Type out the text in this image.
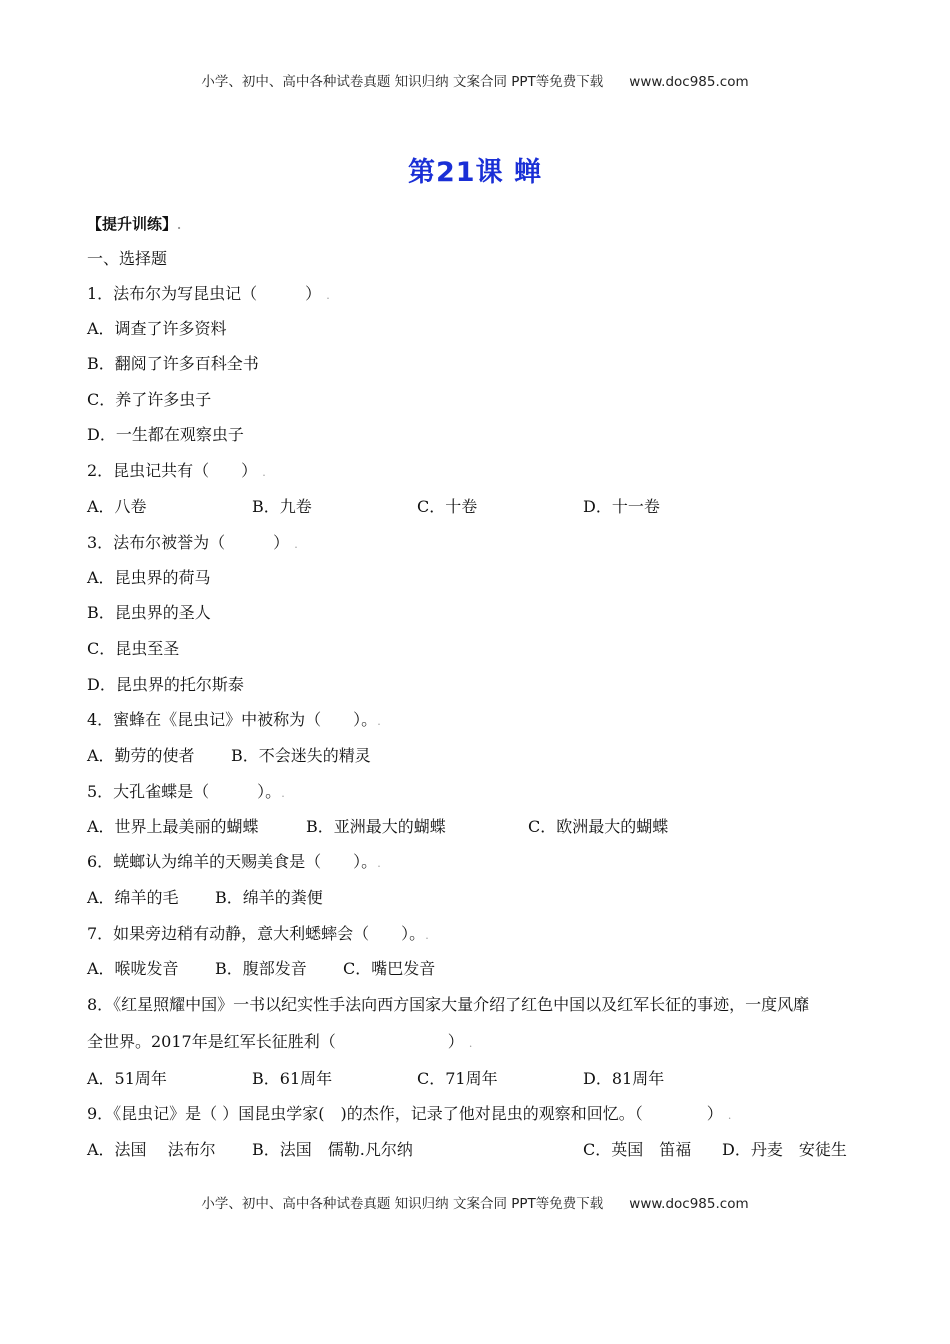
小学、初中、高中各种试卷真题 知识归纳 文案合同 PPT等免费下载 www.doc985.com
第21课 蝉
【提升训练】.
一、选择题
1．法布尔为写昆虫记（　　　） .
A．调查了许多资料
B．翻阅了许多百科全书
C．养了许多虫子
D．一生都在观察虫子
2．昆虫记共有（　　） .
A．八卷	B．九卷	C．十卷	D．十一卷
3．法布尔被誉为（　　　） .
A．昆虫界的荷马
B．昆虫界的圣人
C．昆虫至圣
D．昆虫界的托尔斯泰
4．蜜蜂在《昆虫记》中被称为（　　）。.
A．勤劳的使者 B．不会迷失的精灵
5．大孔雀蝶是（　　　）。.
A．世界上最美丽的蝴蝶	B．亚洲最大的蝴蝶	C．欧洲最大的蝴蝶
6．蜣螂认为绵羊的天赐美食是（　　）。.
A．绵羊的毛 B．绵羊的粪便
7．如果旁边稍有动静，意大利蟋蟀会（　　）。.
A．喉咙发音 B．腹部发音 C．嘴巴发音
8．《红星照耀中国》一书以纪实性手法向西方国家大量介绍了红色中国以及红军长征的事迹，一度风靡
全世界。2017年是红军长征胜利（　　　　　　　） .
A．51周年	B．61周年	C．71周年	D．81周年
9．《昆虫记》是（ ）国昆虫学家(　)的杰作，记录了他对昆虫的观察和回忆。（　　　　） .
A．法国　 法布尔 B．法国　儒勒.凡尔纳	C．英国　笛福 D．丹麦　安徒生
小学、初中、高中各种试卷真题 知识归纳 文案合同 PPT等免费下载 www.doc985.com
